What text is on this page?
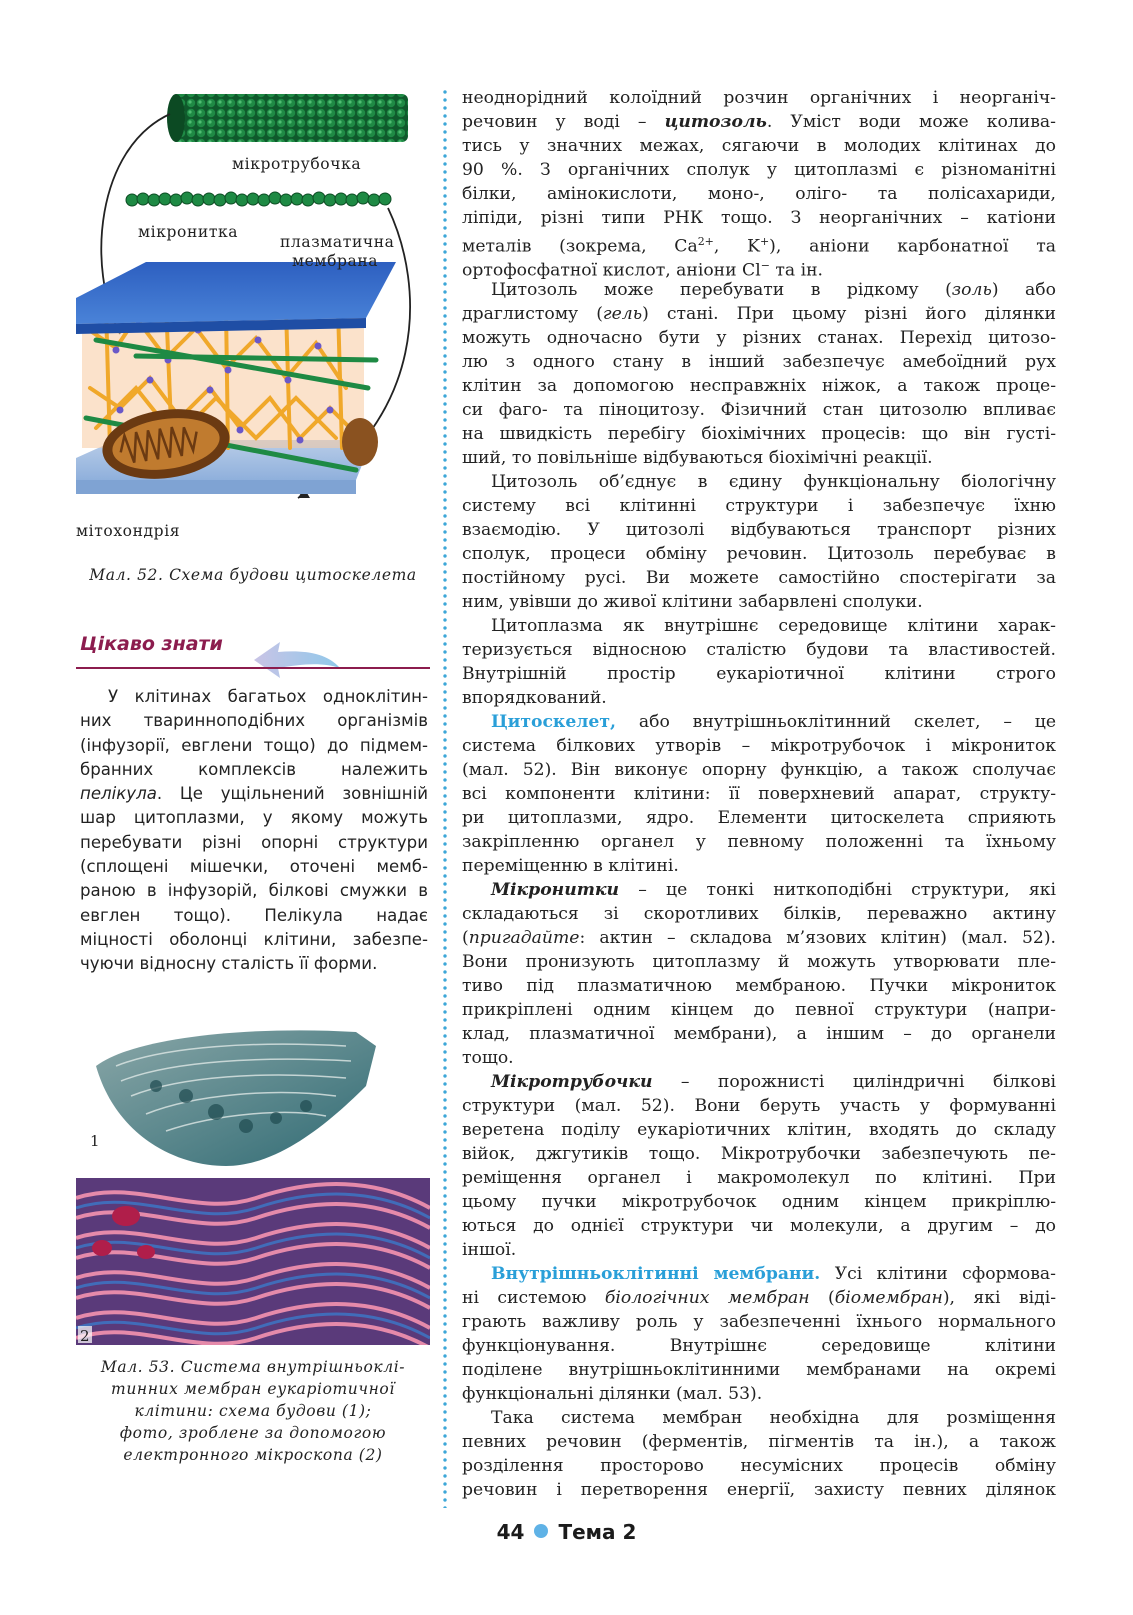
мікротрубочка
мікронитка
плазматична
мембрана
мітохондрія
Мал. 52. Схема будови цитоскелета
Цікаво знати
У клітинах багатьох одноклітин-
них тваринноподібних організмів
(інфузорії, евглени тощо) до підмем-
бранних комплексів належить
пелікула. Це ущільнений зовнішній
шар цитоплазми, у якому можуть
перебувати різні опорні структури
(сплощені мішечки, оточені мемб-
раною в інфузорій, білкові смужки в
евглен тощо). Пелікула надає
міцності оболонці клітини, забезпе-
чуючи відносну сталість її форми.
1
2
Мал. 53. Система внутрішньоклі-
тинних мембран еукаріотичної
клітини: схема будови (1);
фото, зроблене за допомогою
електронного мікроскопа (2)
неоднорідний колоїдний розчин органічних і неорганіч-
речовин у воді – цитозоль. Уміст води може колива-
тись у значних межах, сягаючи в молодих клітинах до
90 %. З органічних сполук у цитоплазмі є різноманітні
білки, амінокислоти, моно-, оліго- та полісахариди,
ліпіди, різні типи РНК тощо. З неорганічних – катіони
металів (зокрема, $Ca^{2+}$, K+), аніони карбонатної та
ортофосфатної кислот, аніони Cl− та ін.
Цитозоль може перебувати в рідкому (золь) або
драглистому (гель) стані. При цьому різні його ділянки
можуть одночасно бути у різних станах. Перехід цитозо-
лю з одного стану в інший забезпечує амебоїдний рух
клітин за допомогою несправжніх ніжок, а також проце-
си фаго- та піноцитозу. Фізичний стан цитозолю впливає
на швидкість перебігу біохімічних процесів: що він густі-
ший, то повільніше відбуваються біохімічні реакції.
Цитозоль об’єднує в єдину функціональну біологічну
систему всі клітинні структури і забезпечує їхню
взаємодію. У цитозолі відбуваються транспорт різних
сполук, процеси обміну речовин. Цитозоль перебуває в
постійному русі. Ви можете самостійно спостерігати за
ним, увівши до живої клітини забарвлені сполуки.
Цитоплазма як внутрішнє середовище клітини харак-
теризується відносною сталістю будови та властивостей.
Внутрішній простір еукаріотичної клітини строго
впорядкований.
Цитоскелет, або внутрішньоклітинний скелет, – це
система білкових утворів – мікротрубочок і мікрониток
(мал. 52). Він виконує опорну функцію, а також сполучає
всі компоненти клітини: її поверхневий апарат, структу-
ри цитоплазми, ядро. Елементи цитоскелета сприяють
закріпленню органел у певному положенні та їхньому
переміщенню в клітині.
Мікронитки – це тонкі ниткоподібні структури, які
складаються зі скоротливих білків, переважно актину
(пригадайте: актин – складова м’язових клітин) (мал. 52).
Вони пронизують цитоплазму й можуть утворювати пле-
тиво під плазматичною мембраною. Пучки мікрониток
прикріплені одним кінцем до певної структури (напри-
клад, плазматичної мембрани), а іншим – до органели
тощо.
Мікротрубочки – порожнисті циліндричні білкові
структури (мал. 52). Вони беруть участь у формуванні
веретена поділу еукаріотичних клітин, входять до складу
війок, джгутиків тощо. Мікротрубочки забезпечують пе-
реміщення органел і макромолекул по клітині. При
цьому пучки мікротрубочок одним кінцем прикріплю-
ються до однієї структури чи молекули, а другим – до
іншої.
Внутрішньоклітинні мембрани. Усі клітини сформова-
ні системою біологічних мембран (біомембран), які віді-
грають важливу роль у забезпеченні їхнього нормального
функціонування. Внутрішнє середовище клітини
поділене внутрішньоклітинними мембранами на окремі
функціональні ділянки (мал. 53).
Така система мембран необхідна для розміщення
певних речовин (ферментів, пігментів та ін.), а також
розділення просторово несумісних процесів обміну
речовин і перетворення енергії, захисту певних ділянок
44 Тема 2
